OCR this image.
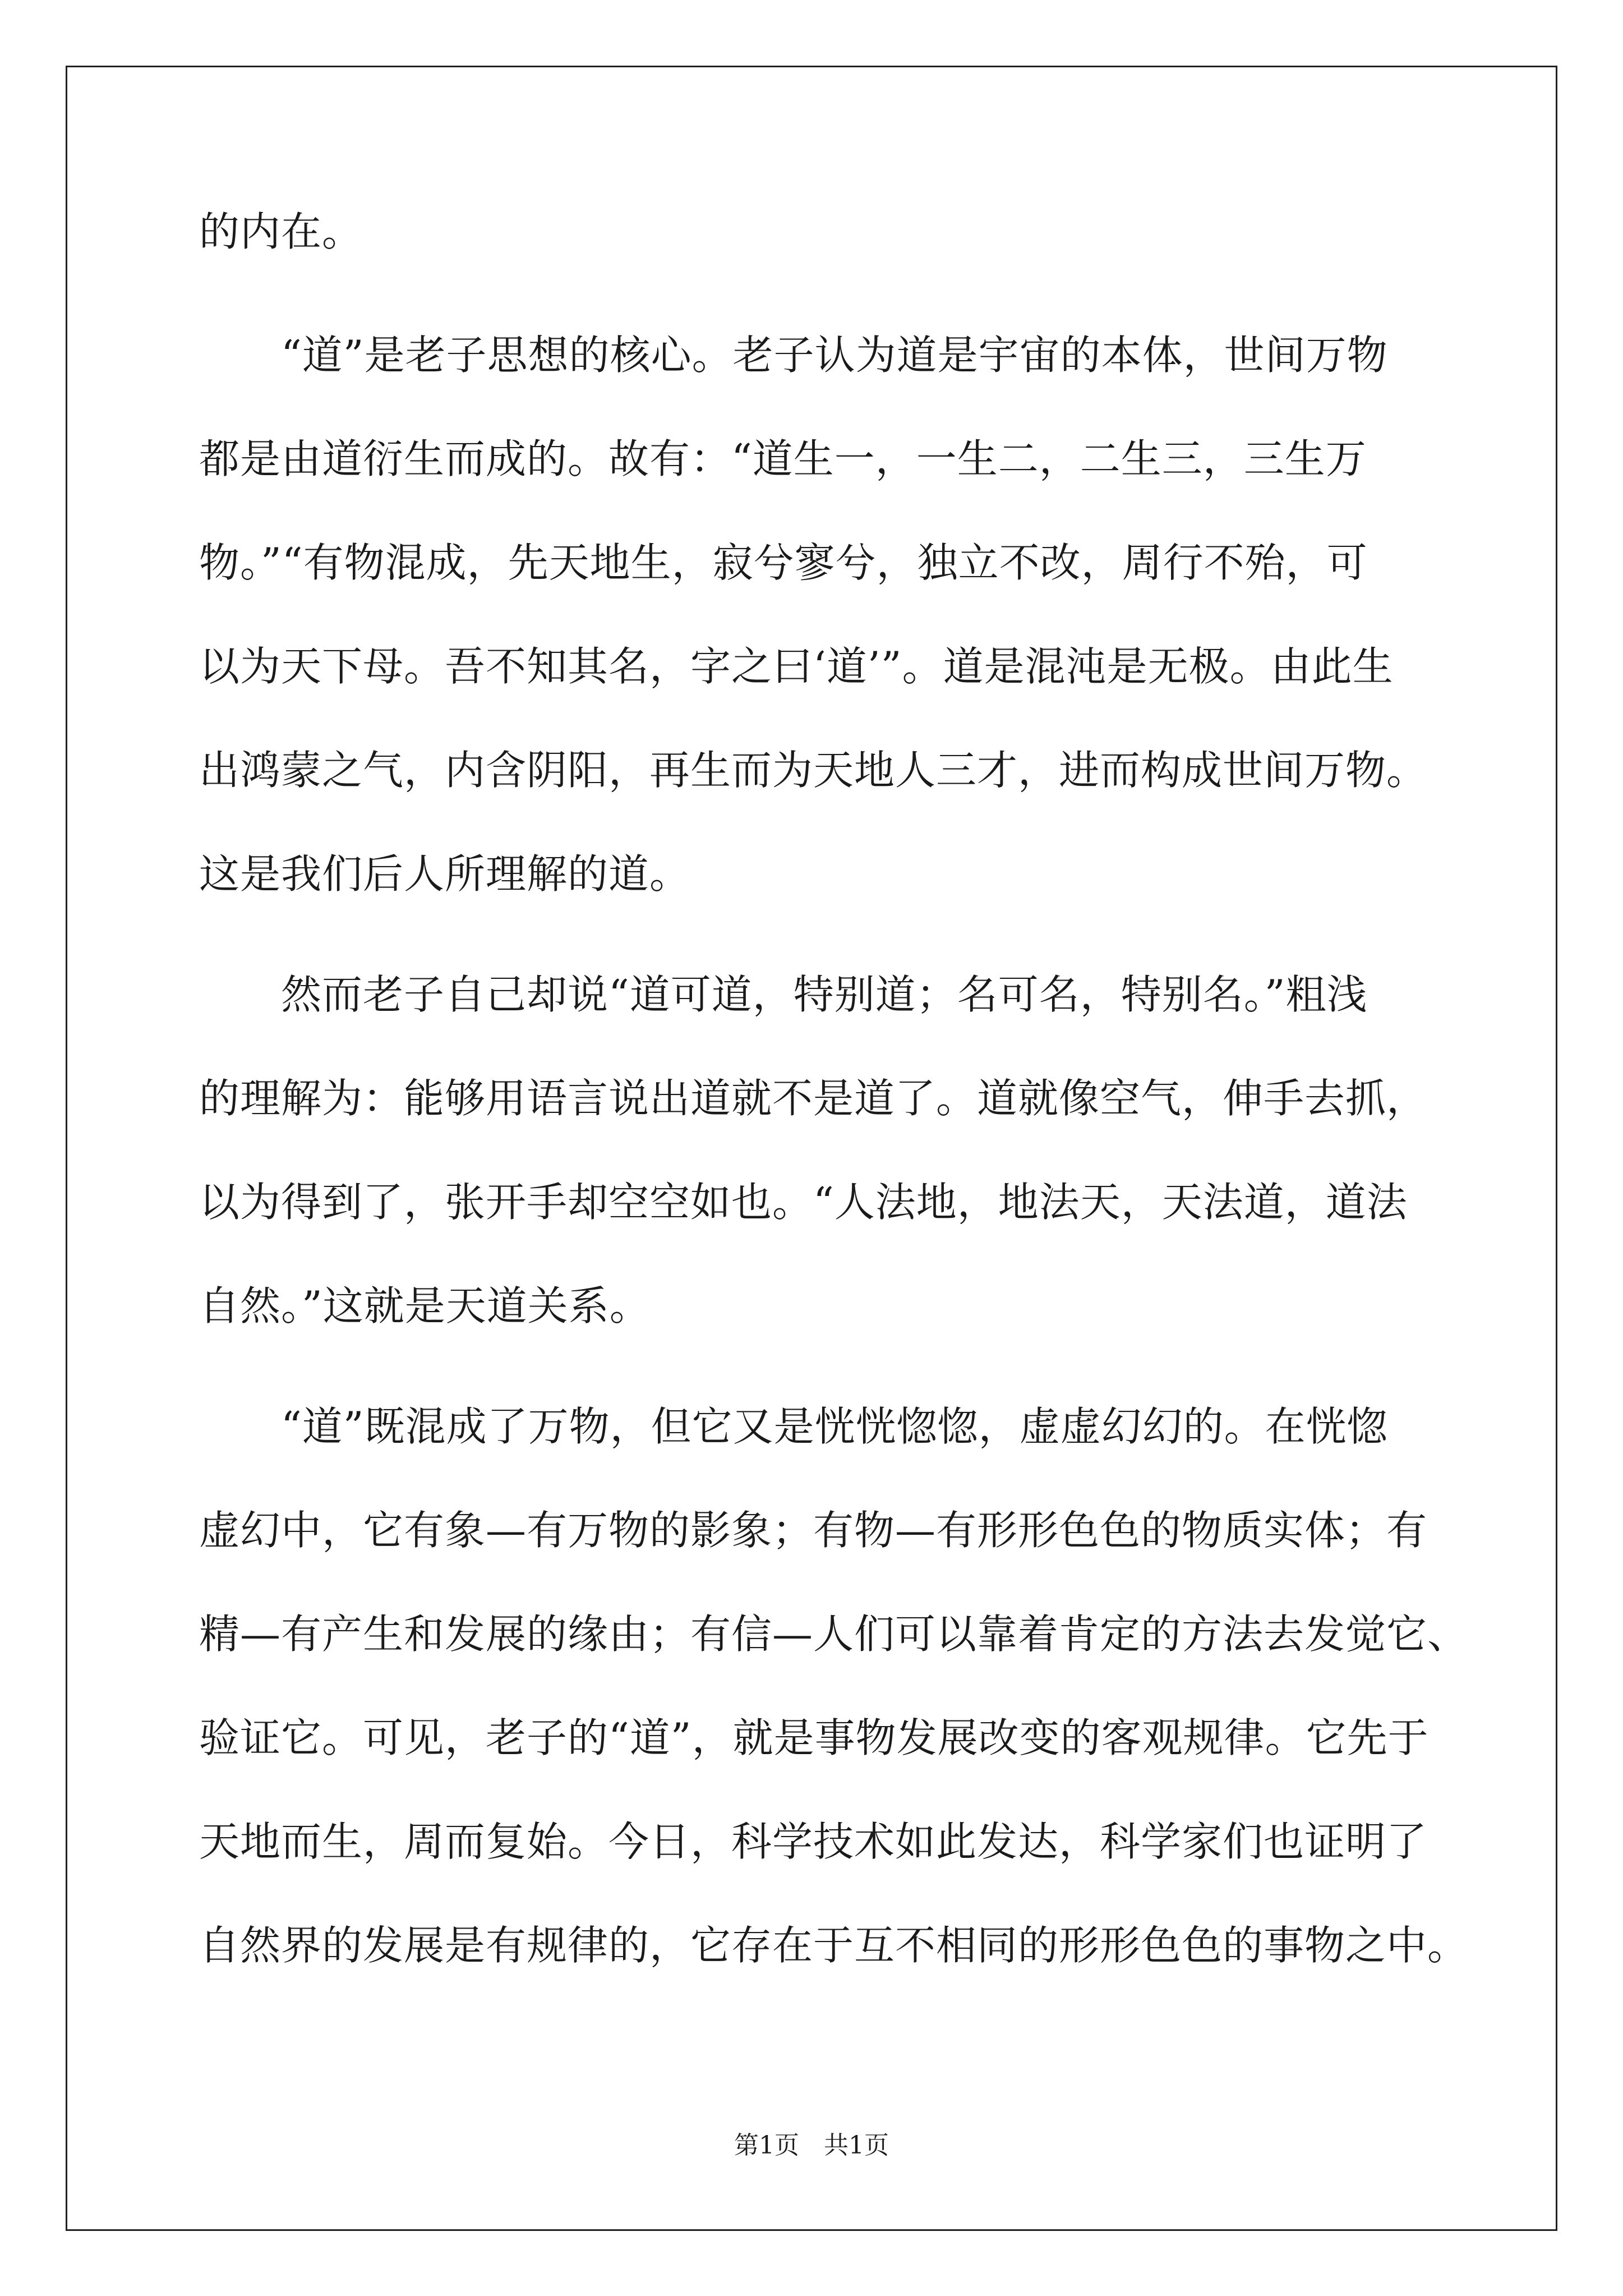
的内在。
　　“道”是老子思想的核心。老子认为道是宇宙的本体，世间万物
都是由道衍生而成的。故有：“道生一，一生二，二生三，三生万
物。”“有物混成，先天地生，寂兮寥兮，独立不改，周行不殆，可
以为天下母。吾不知其名，字之曰‘道’”。道是混沌是无极。由此生
出鸿蒙之气，内含阴阳，再生而为天地人三才，进而构成世间万物。
这是我们后人所理解的道。
　　然而老子自己却说“道可道，特别道；名可名，特别名。”粗浅
的理解为：能够用语言说出道就不是道了。道就像空气，伸手去抓，
以为得到了，张开手却空空如也。“人法地，地法天，天法道，道法
自然。”这就是天道关系。
　　“道”既混成了万物，但它又是恍恍惚惚，虚虚幻幻的。在恍惚
虚幻中，它有象—有万物的影象；有物—有形形色色的物质实体；有
精—有产生和发展的缘由；有信—人们可以靠着肯定的方法去发觉它、
验证它。可见，老子的“道”，就是事物发展改变的客观规律。它先于
天地而生，周而复始。今日，科学技术如此发达，科学家们也证明了
自然界的发展是有规律的，它存在于互不相同的形形色色的事物之中。
第1页　共1页
